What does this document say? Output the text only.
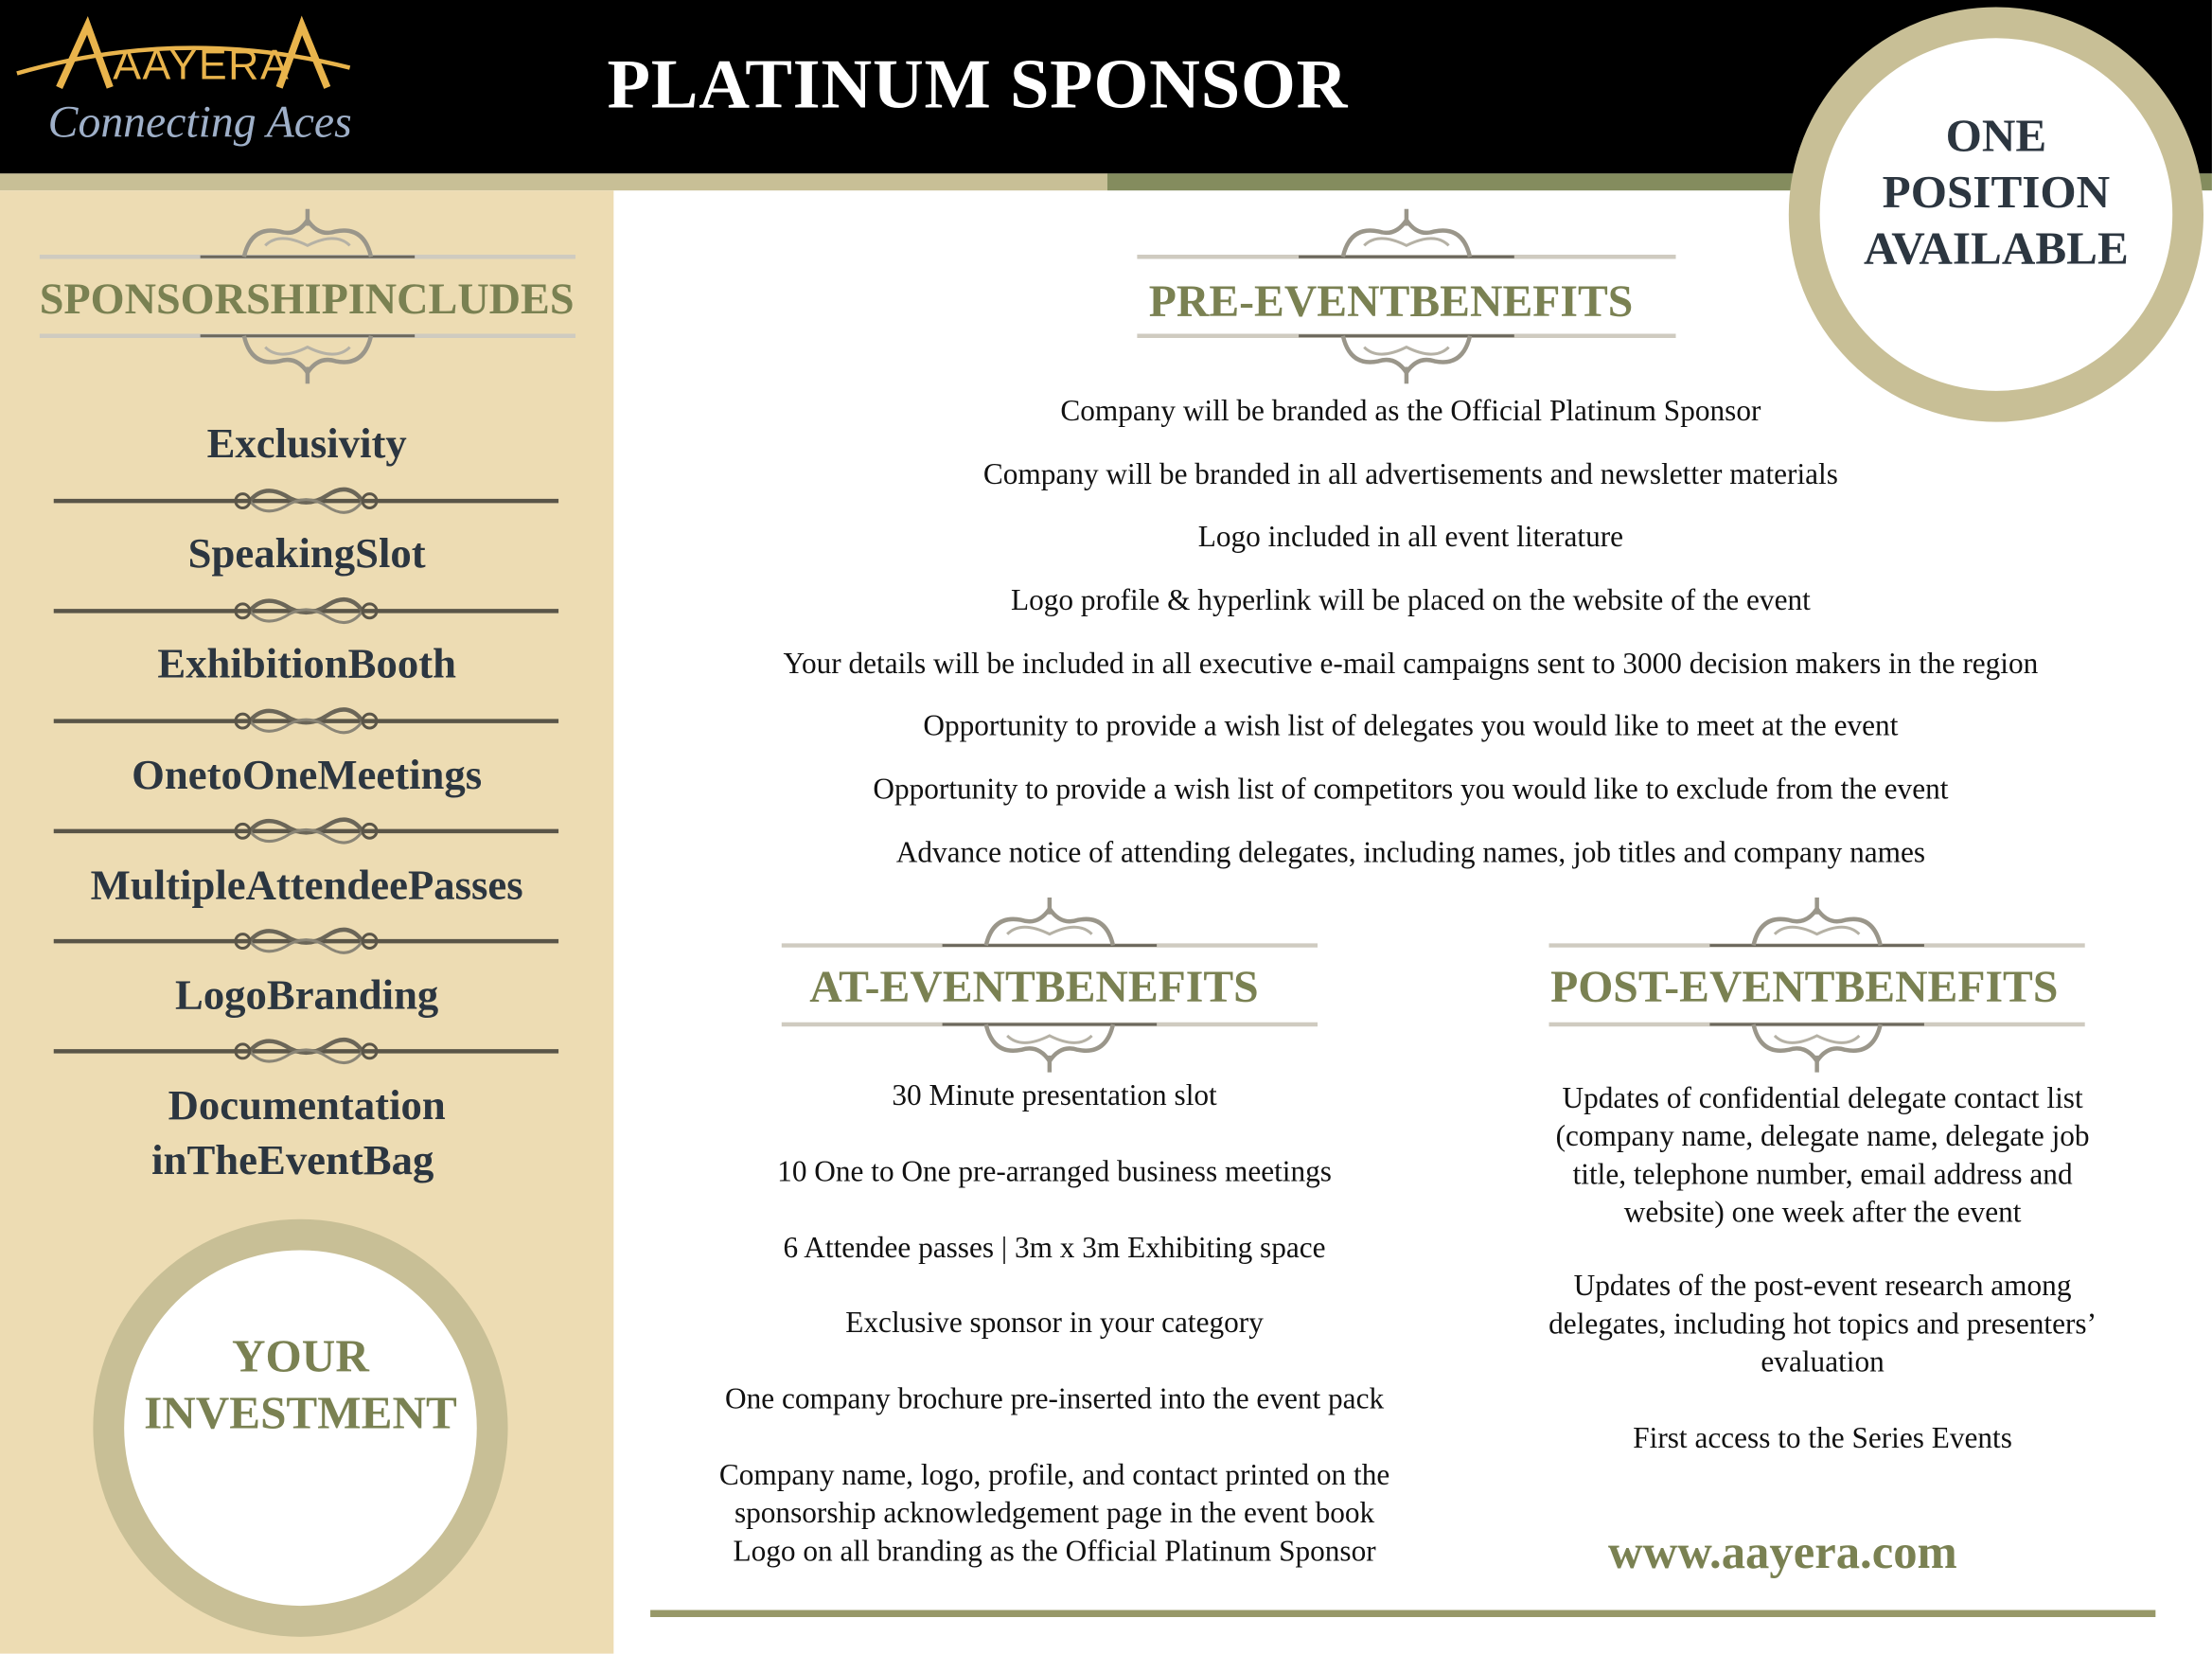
AAYERA
Connecting Aces	PLATINUM SPONSOR
ONE
POSITION
AVAILABLE
SPONSORSHIPINCLUDES
Exclusivity
SpeakingSlot
ExhibitionBooth
OnetoOneMeetings
MultipleAttendeePasses
LogoBranding
Documentation
inTheEventBag
YOUR
INVESTMENT
PRE-EVENTBENEFITS
Company will be branded as the Official Platinum Sponsor
Company will be branded in all advertisements and newsletter materials
Logo included in all event literature
Logo profile & hyperlink will be placed on the website of the event
Your details will be included in all executive e-mail campaigns sent to 3000 decision makers in the region
Opportunity to provide a wish list of delegates you would like to meet at the event
Opportunity to provide a wish list of competitors you would like to exclude from the event
Advance notice of attending delegates, including names, job titles and company names
AT-EVENTBENEFITS
30 Minute presentation slot
10 One to One pre-arranged business meetings
6 Attendee passes | 3m x 3m Exhibiting space
Exclusive sponsor in your category
One company brochure pre-inserted into the event pack
Company name, logo, profile, and contact printed on the sponsorship acknowledgement page in the event book
Logo on all branding as the Official Platinum Sponsor
POST-EVENTBENEFITS
Updates of confidential delegate contact list (company name, delegate name, delegate job title, telephone number, email address and website) one week after the event
Updates of the post-event research among delegates, including hot topics and presenters’ evaluation
First access to the Series Events
www.aayera.com
